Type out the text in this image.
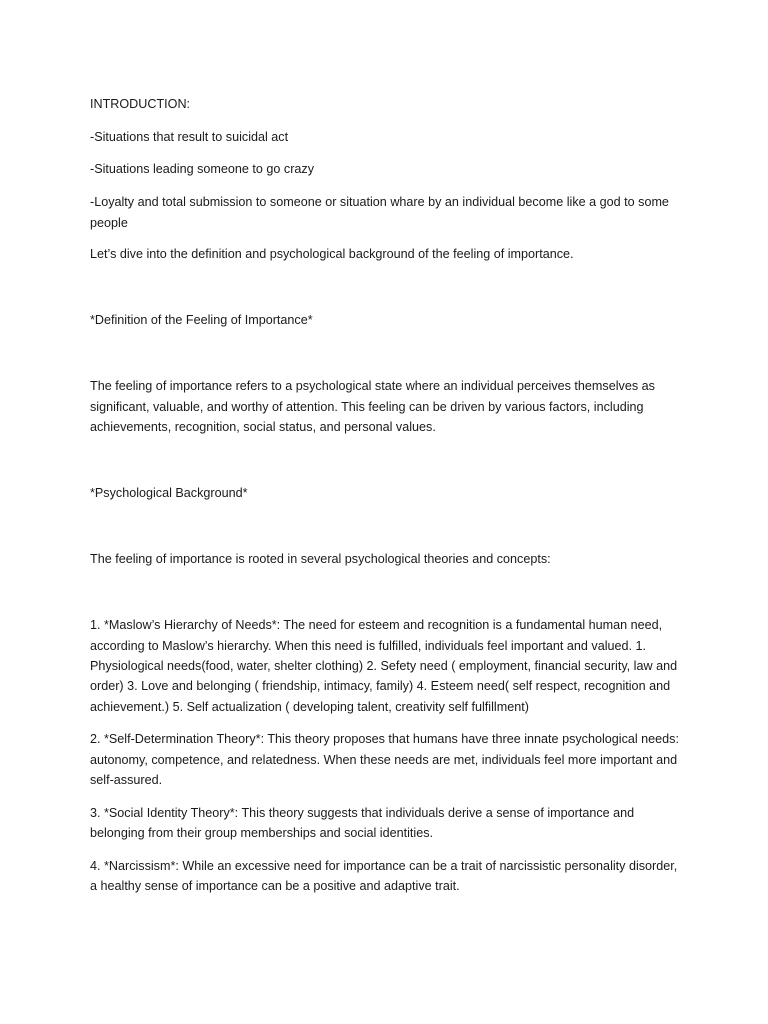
INTRODUCTION:

-Situations that result to suicidal act

-Situations leading someone to go crazy

-Loyalty and total submission to someone or situation whare by an individual become like a god to some people

Let’s dive into the definition and psychological background of the feeling of importance.

*Definition of the Feeling of Importance*

The feeling of importance refers to a psychological state where an individual perceives themselves as significant, valuable, and worthy of attention. This feeling can be driven by various factors, including achievements, recognition, social status, and personal values.

*Psychological Background*

The feeling of importance is rooted in several psychological theories and concepts:

1. *Maslow’s Hierarchy of Needs*: The need for esteem and recognition is a fundamental human need, according to Maslow’s hierarchy. When this need is fulfilled, individuals feel important and valued. 1. Physiological needs(food, water, shelter clothing) 2. Sefety need ( employment, financial security, law and order) 3. Love and belonging ( friendship, intimacy, family) 4. Esteem need( self respect, recognition and achievement.) 5. Self actualization ( developing talent, creativity self fulfillment)

2. *Self-Determination Theory*: This theory proposes that humans have three innate psychological needs: autonomy, competence, and relatedness. When these needs are met, individuals feel more important and self-assured.

3. *Social Identity Theory*: This theory suggests that individuals derive a sense of importance and belonging from their group memberships and social identities.

4. *Narcissism*: While an excessive need for importance can be a trait of narcissistic personality disorder, a healthy sense of importance can be a positive and adaptive trait.
